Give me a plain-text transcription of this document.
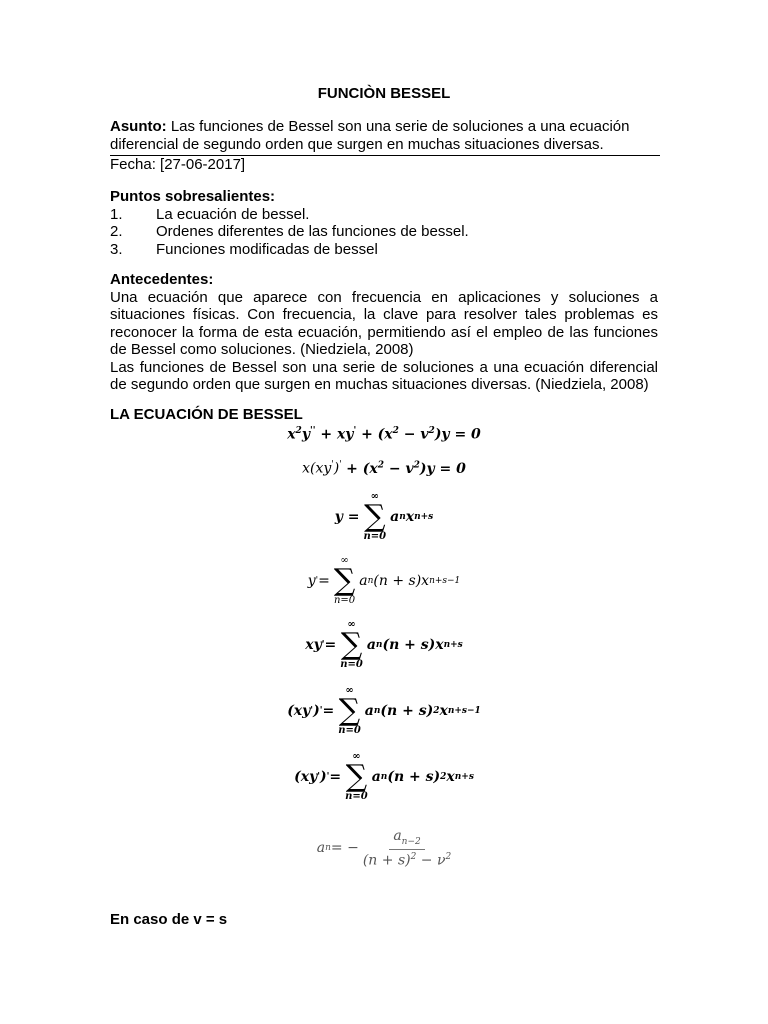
FUNCIÒN BESSEL
Asunto: Las funciones de Bessel son una serie de soluciones a una ecuación diferencial de segundo orden que surgen en muchas situaciones diversas.
Fecha: [27-06-2017]
Puntos sobresalientes:
1.	La ecuación de bessel.
2.	Ordenes diferentes de las funciones de bessel.
3.	Funciones modificadas de bessel
Antecedentes:
Una ecuación que aparece con frecuencia en aplicaciones y soluciones a
situaciones físicas. Con frecuencia, la clave para resolver tales problemas es
reconocer la forma de esta ecuación, permitiendo así el empleo de las funciones
de Bessel como soluciones. (Niedziela, 2008)
Las funciones de Bessel son una serie de soluciones a una ecuación diferencial
de segundo orden que surgen en muchas situaciones diversas. (Niedziela, 2008)
LA ECUACIÓN DE BESSEL
$x^2y'' + xy' + (x^2 - v^2)y = 0$
$x(xy')' + (x^2 - v^2)y = 0$
y =
∞
∑
n=0
a n x n+s
y ' =
∞
∑
n=0
a n (n + s)x n+s−1
xy ' =
∞
∑
n=0
a n (n + s)x n+s
(xy ' ) ' =
∞
∑
n=0
a n (n + s) 2 x n+s−1
(xy ' ) ' =
∞
∑
n=0
a n (n + s) 2 x n+s
a n = − $\frac{a_{n-2}}{(n + s)^2 - \nu^2}$
En caso de v = s
